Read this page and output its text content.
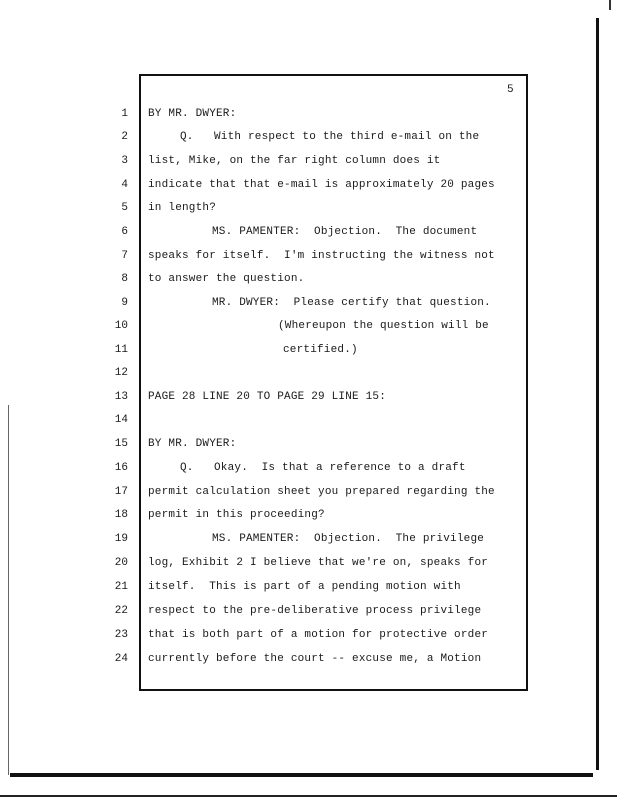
5
1 BY MR. DWYER:
2	Q.   With respect to the third e-mail on the
3 list, Mike, on the far right column does it
4 indicate that that e-mail is approximately 20 pages
5 in length?
6	MS. PAMENTER:  Objection.  The document
7 speaks for itself.  I'm instructing the witness not
8 to answer the question.
9	MR. DWYER:  Please certify that question.
10	(Whereupon the question will be
11	certified.)
12
13 PAGE 28 LINE 20 TO PAGE 29 LINE 15:
14
15 BY MR. DWYER:
16	Q.   Okay.  Is that a reference to a draft
17 permit calculation sheet you prepared regarding the
18 permit in this proceeding?
19	MS. PAMENTER:  Objection.  The privilege
20 log, Exhibit 2 I believe that we're on, speaks for
21 itself.  This is part of a pending motion with
22 respect to the pre-deliberative process privilege
23 that is both part of a motion for protective order
24 currently before the court -- excuse me, a Motion
